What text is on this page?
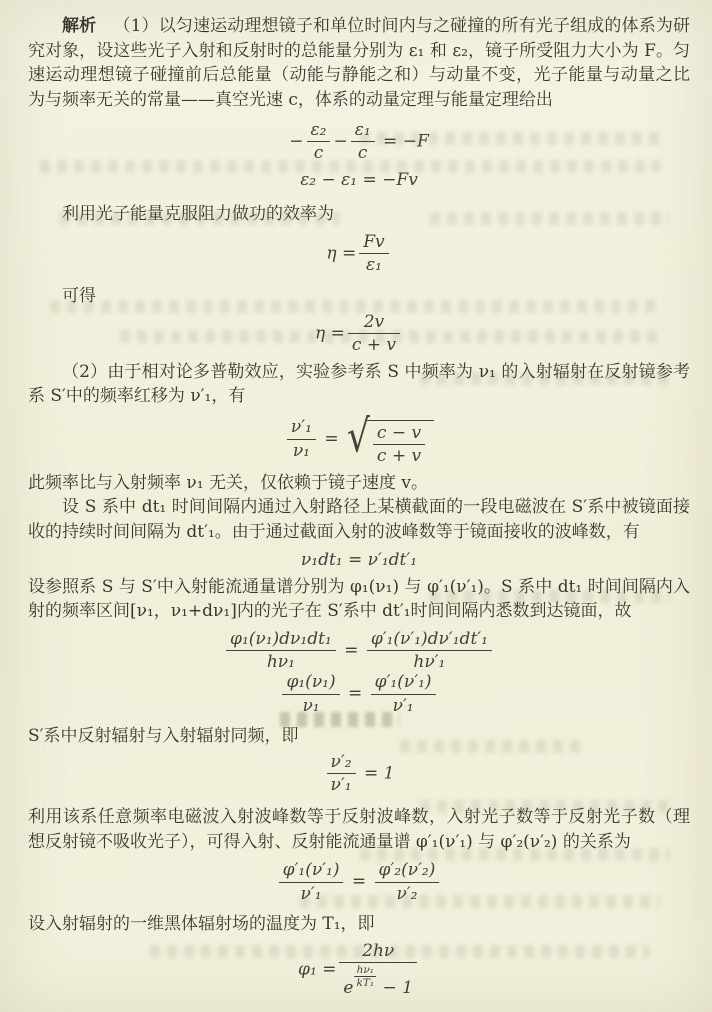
解析  （1）以匀速运动理想镜子和单位时间内与之碰撞的所有光子组成的体系为研究对象，设这些光子入射和反射时的总能量分别为 ε₁ 和 ε₂，镜子所受阻力大小为 F。匀速运动理想镜子碰撞前后总能量（动能与静能之和）与动量不变，光子能量与动量之比为与频率无关的常量——真空光速 c，体系的动量定理与能量定理给出

− $\frac{\text{ε₂}}{c} - \frac{\text{ε₁}}{c} = -F$
ε₂ − ε₁ = −Fv

利用光子能量克服阻力做功的效率为

$\eta = \frac{Fv}{\text{ε₁}}$

可得

$\eta = \frac{2v}{c + v}$

（2）由于相对论多普勒效应，实验参考系 S 中频率为 ν₁ 的入射辐射在反射镜参考系 S′中的频率红移为 ν′₁，有

$\frac{\text{ν′₁}}{\text{ν₁}}$ = √ $\frac{c - v}{c + v}$

此频率比与入射频率 ν₁ 无关，仅依赖于镜子速度 v。

设 S 系中 dt₁ 时间间隔内通过入射路径上某横截面的一段电磁波在 S′系中被镜面接收的持续时间间隔为 dt′₁。由于通过截面入射的波峰数等于镜面接收的波峰数，有

ν₁dt₁ = ν′₁dt′₁

设参照系 S 与 S′中入射能流通量谱分别为 φ₁(ν₁) 与 φ′₁(ν′₁)。S 系中 dt₁ 时间间隔内入射的频率区间[ν₁，ν₁+dν₁]内的光子在 S′系中 dt′₁时间间隔内悉数到达镜面，故

$\frac{\text{φ₁(ν₁)dν₁dt₁}}{\text{hν₁}} = \frac{\text{φ′₁(ν′₁)dν′₁dt′₁}}{\text{hν′₁}}$
$\frac{\text{φ₁(ν₁)}}{\text{ν₁}} = \frac{\text{φ′₁(ν′₁)}}{\text{ν′₁}}$

S′系中反射辐射与入射辐射同频，即

$\frac{\text{ν′₂}}{\text{ν′₁}} = 1$

利用该系任意频率电磁波入射波峰数等于反射波峰数，入射光子数等于反射光子数（理想反射镜不吸收光子），可得入射、反射能流通量谱 φ′₁(ν′₁) 与 φ′₂(ν′₂) 的关系为

$\frac{\text{φ′₁(ν′₁)}}{\text{ν′₁}} = \frac{\text{φ′₂(ν′₂)}}{\text{ν′₂}}$

设入射辐射的一维黑体辐射场的温度为 T₁，即

$\varphi_1 = \frac{2h\nu}{e \frac{\text{hν₁}}{\text{kT₁}} - 1}$
